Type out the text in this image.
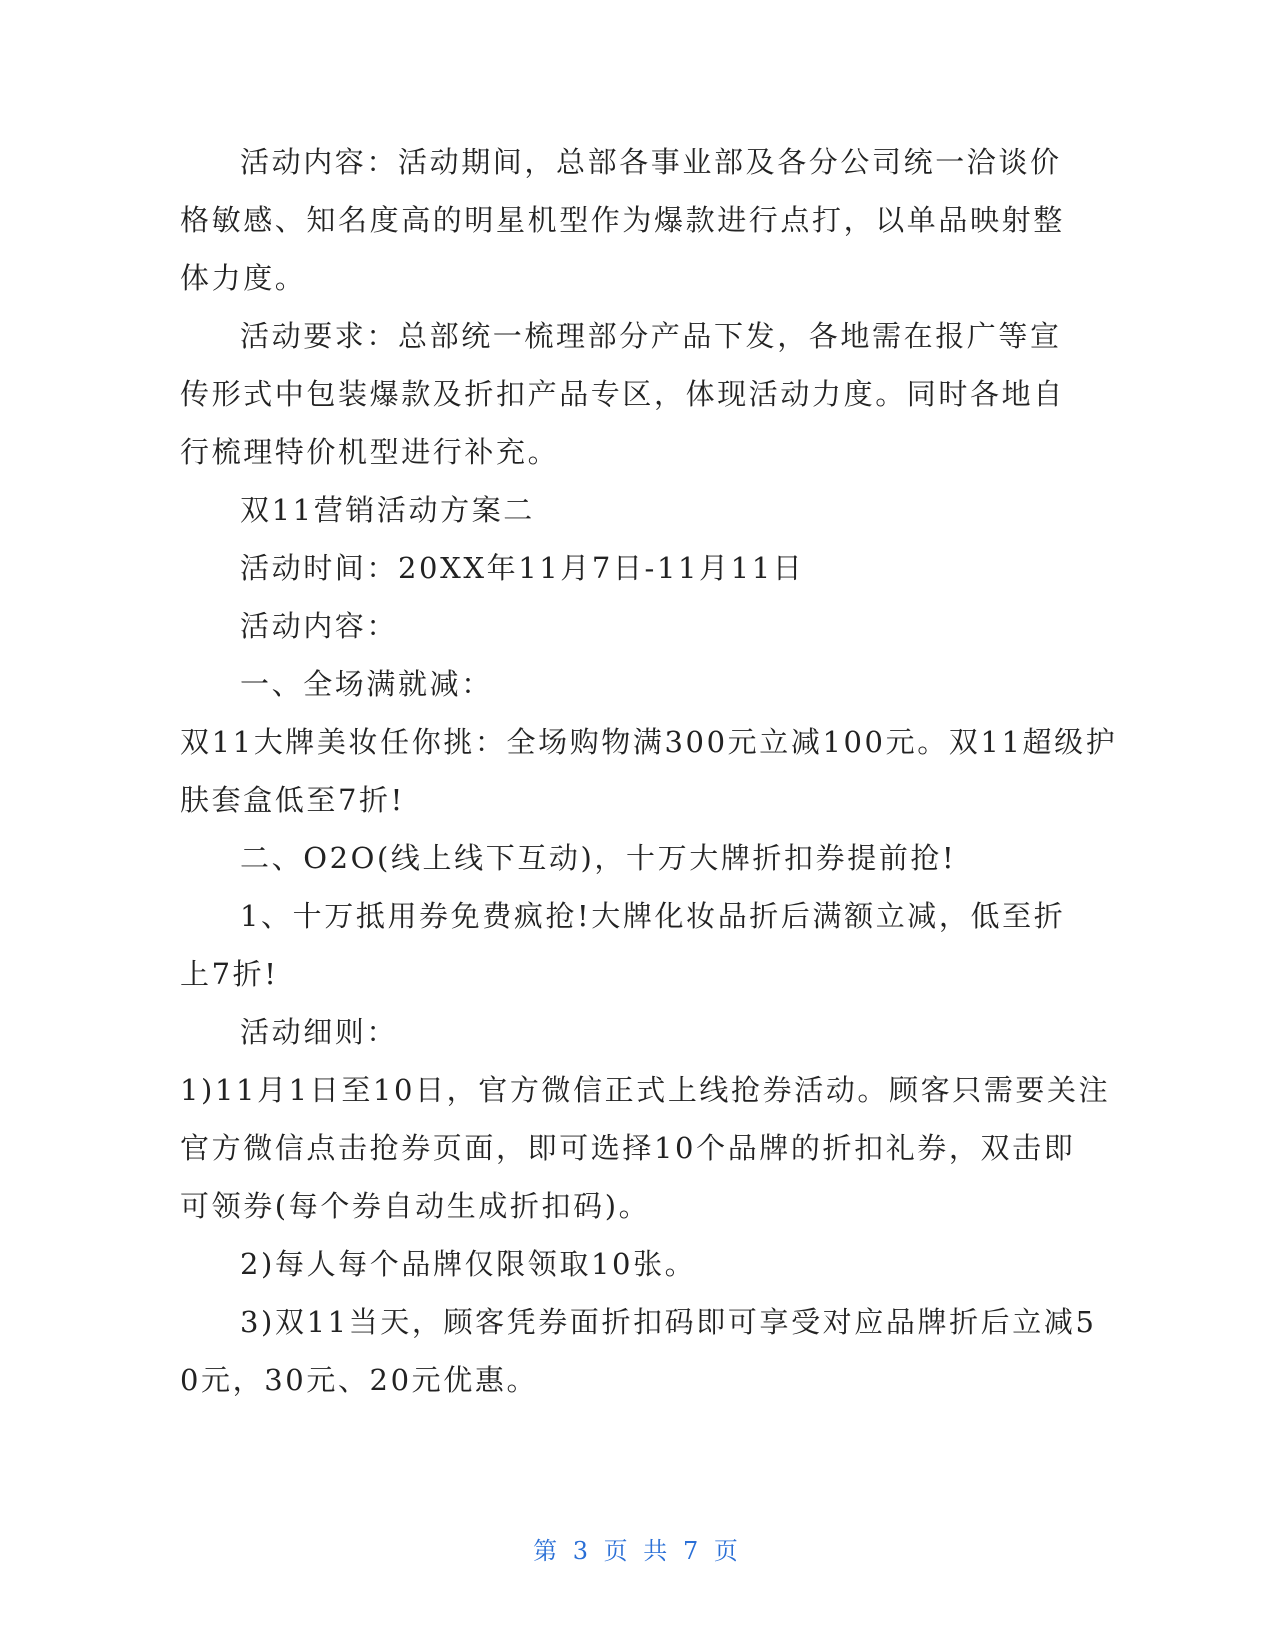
活动内容：活动期间，总部各事业部及各分公司统一洽谈价
格敏感、知名度高的明星机型作为爆款进行点打，以单品映射整
体力度。
活动要求：总部统一梳理部分产品下发，各地需在报广等宣
传形式中包装爆款及折扣产品专区，体现活动力度。同时各地自
行梳理特价机型进行补充。
双11营销活动方案二
活动时间：20XX年11月7日-11月11日
活动内容：
一、全场满就减：
双11大牌美妆任你挑：全场购物满300元立减100元。双11超级护
肤套盒低至7折!
二、O2O(线上线下互动)，十万大牌折扣券提前抢!
1、十万抵用券免费疯抢!大牌化妆品折后满额立减，低至折
上7折!
活动细则：
1)11月1日至10日，官方微信正式上线抢券活动。顾客只需要关注
官方微信点击抢券页面，即可选择10个品牌的折扣礼券，双击即
可领券(每个券自动生成折扣码)。
2)每人每个品牌仅限领取10张。
3)双11当天，顾客凭券面折扣码即可享受对应品牌折后立减5
0元，30元、20元优惠。
第 3 页 共 7 页
